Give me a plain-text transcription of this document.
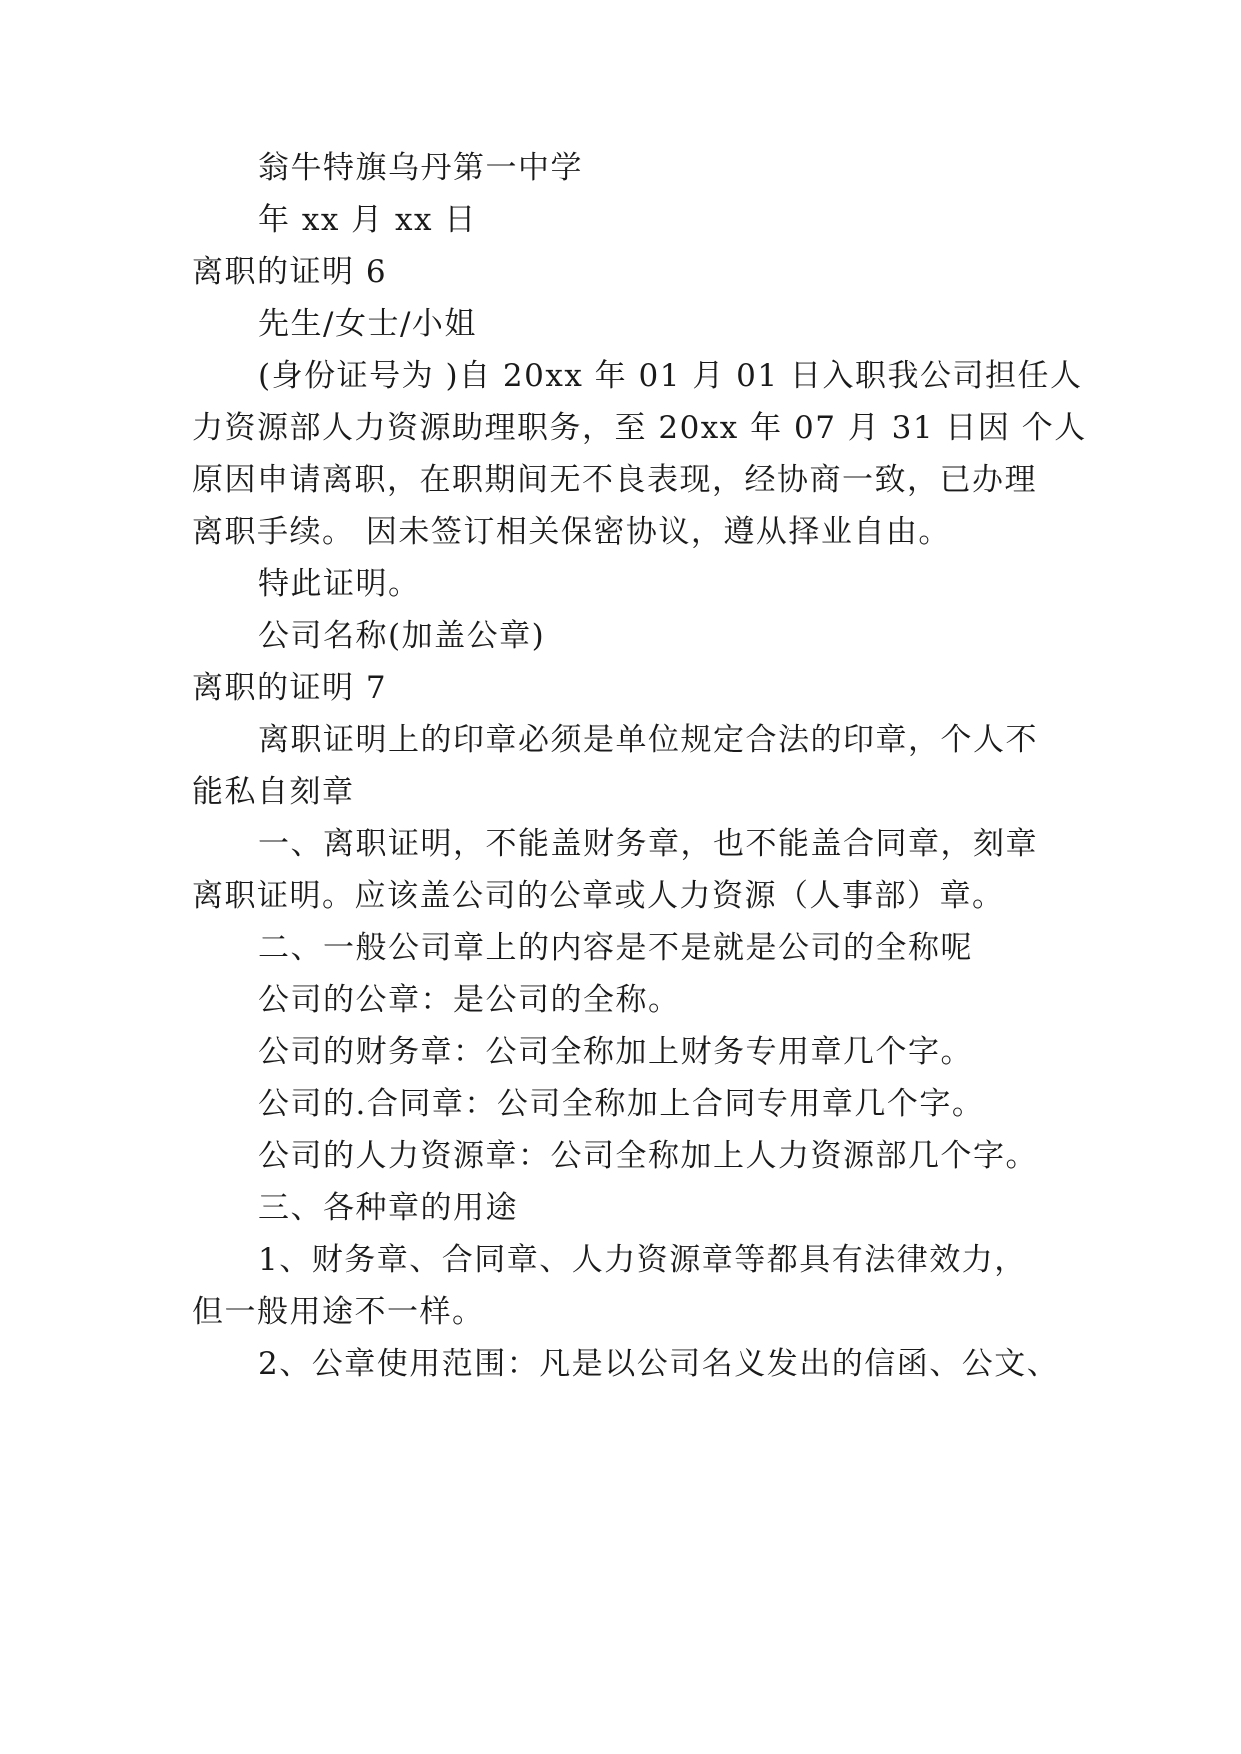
翁牛特旗乌丹第一中学
年 xx 月 xx 日
离职的证明 6
先生/女士/小姐
(身份证号为 )自 20xx 年 01 月 01 日入职我公司担任人
力资源部人力资源助理职务，至 20xx 年 07 月 31 日因 个人
原因申请离职，在职期间无不良表现，经协商一致，已办理
离职手续。 因未签订相关保密协议，遵从择业自由。
特此证明。
公司名称(加盖公章)
离职的证明 7
离职证明上的印章必须是单位规定合法的印章，个人不
能私自刻章
一、离职证明，不能盖财务章，也不能盖合同章，刻章
离职证明。应该盖公司的公章或人力资源（人事部）章。
二、一般公司章上的内容是不是就是公司的全称呢
公司的公章：是公司的全称。
公司的财务章：公司全称加上财务专用章几个字。
公司的.合同章：公司全称加上合同专用章几个字。
公司的人力资源章：公司全称加上人力资源部几个字。
三、各种章的用途
1、财务章、合同章、人力资源章等都具有法律效力，
但一般用途不一样。
2、公章使用范围：凡是以公司名义发出的信函、公文、
